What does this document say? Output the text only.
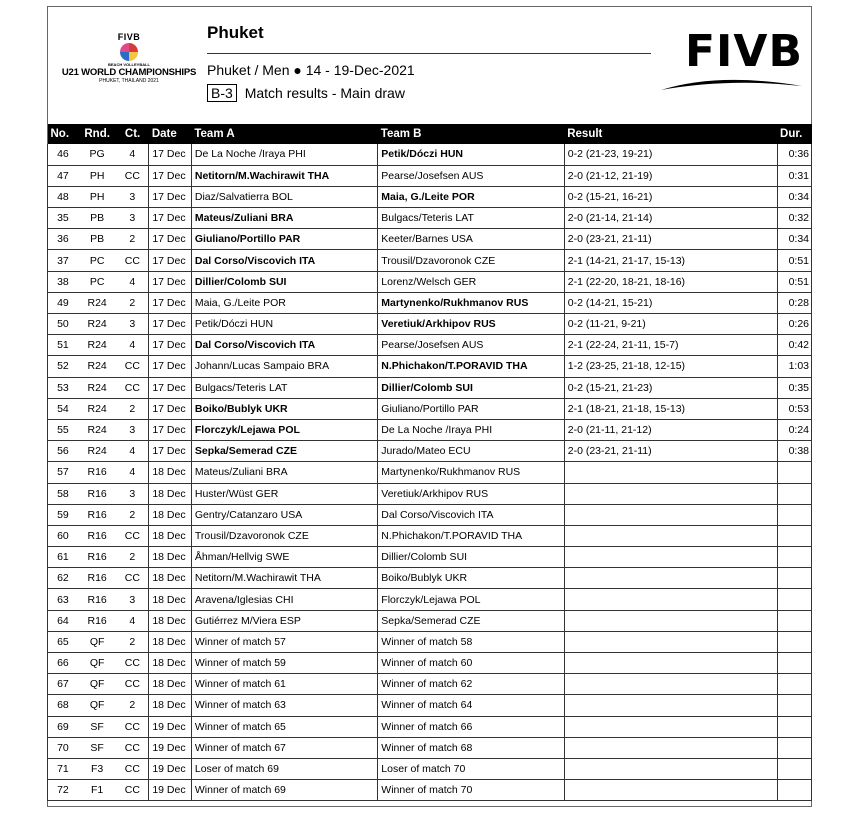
FIVB
BEACH VOLLEYBALL
U21 WORLD CHAMPIONSHIPS
PHUKET, THAILAND 2021
Phuket
Phuket / Men ● 14 - 19-Dec-2021
B-3 Match results - Main draw
FIVB
No.	Rnd.	Ct.	Date	Team A	Team B	Result	Dur.
46	PG	4	17 Dec	De La Noche /Iraya PHI	Petik/Dóczi HUN	0-2 (21-23, 19-21)	0:36
47	PH	CC	17 Dec	Netitorn/M.Wachirawit THA	Pearse/Josefsen AUS	2-0 (21-12, 21-19)	0:31
48	PH	3	17 Dec	Diaz/Salvatierra BOL	Maia, G./Leite POR	0-2 (15-21, 16-21)	0:34
35	PB	3	17 Dec	Mateus/Zuliani BRA	Bulgacs/Teteris LAT	2-0 (21-14, 21-14)	0:32
36	PB	2	17 Dec	Giuliano/Portillo PAR	Keeter/Barnes USA	2-0 (23-21, 21-11)	0:34
37	PC	CC	17 Dec	Dal Corso/Viscovich ITA	Trousil/Dzavoronok CZE	2-1 (14-21, 21-17, 15-13)	0:51
38	PC	4	17 Dec	Dillier/Colomb SUI	Lorenz/Welsch GER	2-1 (22-20, 18-21, 18-16)	0:51
49	R24	2	17 Dec	Maia, G./Leite POR	Martynenko/Rukhmanov RUS	0-2 (14-21, 15-21)	0:28
50	R24	3	17 Dec	Petik/Dóczi HUN	Veretiuk/Arkhipov RUS	0-2 (11-21, 9-21)	0:26
51	R24	4	17 Dec	Dal Corso/Viscovich ITA	Pearse/Josefsen AUS	2-1 (22-24, 21-11, 15-7)	0:42
52	R24	CC	17 Dec	Johann/Lucas Sampaio BRA	N.Phichakon/T.PORAVID THA	1-2 (23-25, 21-18, 12-15)	1:03
53	R24	CC	17 Dec	Bulgacs/Teteris LAT	Dillier/Colomb SUI	0-2 (15-21, 21-23)	0:35
54	R24	2	17 Dec	Boiko/Bublyk UKR	Giuliano/Portillo PAR	2-1 (18-21, 21-18, 15-13)	0:53
55	R24	3	17 Dec	Florczyk/Lejawa POL	De La Noche /Iraya PHI	2-0 (21-11, 21-12)	0:24
56	R24	4	17 Dec	Sepka/Semerad CZE	Jurado/Mateo ECU	2-0 (23-21, 21-11)	0:38
57	R16	4	18 Dec	Mateus/Zuliani BRA	Martynenko/Rukhmanov RUS		
58	R16	3	18 Dec	Huster/Wüst GER	Veretiuk/Arkhipov RUS		
59	R16	2	18 Dec	Gentry/Catanzaro USA	Dal Corso/Viscovich ITA		
60	R16	CC	18 Dec	Trousil/Dzavoronok CZE	N.Phichakon/T.PORAVID THA		
61	R16	2	18 Dec	Åhman/Hellvig SWE	Dillier/Colomb SUI		
62	R16	CC	18 Dec	Netitorn/M.Wachirawit THA	Boiko/Bublyk UKR		
63	R16	3	18 Dec	Aravena/Iglesias CHI	Florczyk/Lejawa POL		
64	R16	4	18 Dec	Gutiérrez M/Viera ESP	Sepka/Semerad CZE		
65	QF	2	18 Dec	Winner of match 57	Winner of match 58		
66	QF	CC	18 Dec	Winner of match 59	Winner of match 60		
67	QF	CC	18 Dec	Winner of match 61	Winner of match 62		
68	QF	2	18 Dec	Winner of match 63	Winner of match 64		
69	SF	CC	19 Dec	Winner of match 65	Winner of match 66		
70	SF	CC	19 Dec	Winner of match 67	Winner of match 68		
71	F3	CC	19 Dec	Loser of match 69	Loser of match 70		
72	F1	CC	19 Dec	Winner of match 69	Winner of match 70		
